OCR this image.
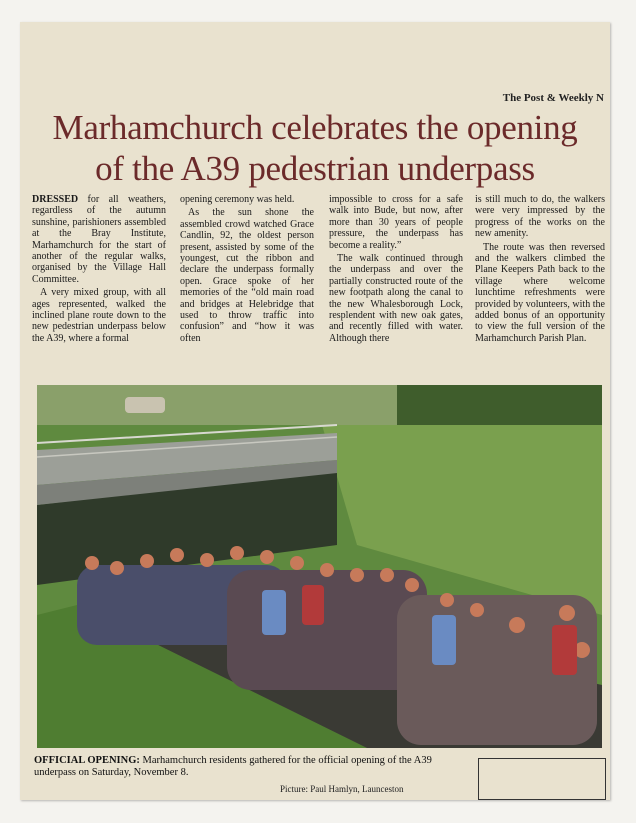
The Post & Weekly N
Marhamchurch celebrates the opening
of the A39 pedestrian underpass

DRESSED for all weathers, regardless of the autumn sunshine, parishioners assembled at the Bray Institute, Marhamchurch for the start of another of the regular walks, organised by the Village Hall Committee.

A very mixed group, with all ages represented, walked the inclined plane route down to the new pedestrian underpass below the A39, where a formal

opening ceremony was held.

As the sun shone the assembled crowd watched Grace Candlin, 92, the oldest person present, assisted by some of the youngest, cut the ribbon and declare the underpass formally open. Grace spoke of her memories of the “old main road and bridges at Helebridge that used to throw traffic into confusion” and “how it was often

impossible to cross for a safe walk into Bude, but now, after more than 30 years of people pressure, the underpass has become a reality.”

The walk continued through the underpass and over the partially constructed route of the new footpath along the canal to the new Whalesborough Lock, resplendent with new oak gates, and recently filled with water. Although there

is still much to do, the walkers were very impressed by the progress of the works on the new amenity.

The route was then reversed and the walkers climbed the Plane Keepers Path back to the village where welcome lunchtime refreshments were provided by volunteers, with the added bonus of an opportunity to view the full version of the Marhamchurch Parish Plan.

OFFICIAL OPENING: Marhamchurch residents gathered for the official opening of the A39 underpass on Saturday, November 8.
Picture: Paul Hamlyn, Launceston
